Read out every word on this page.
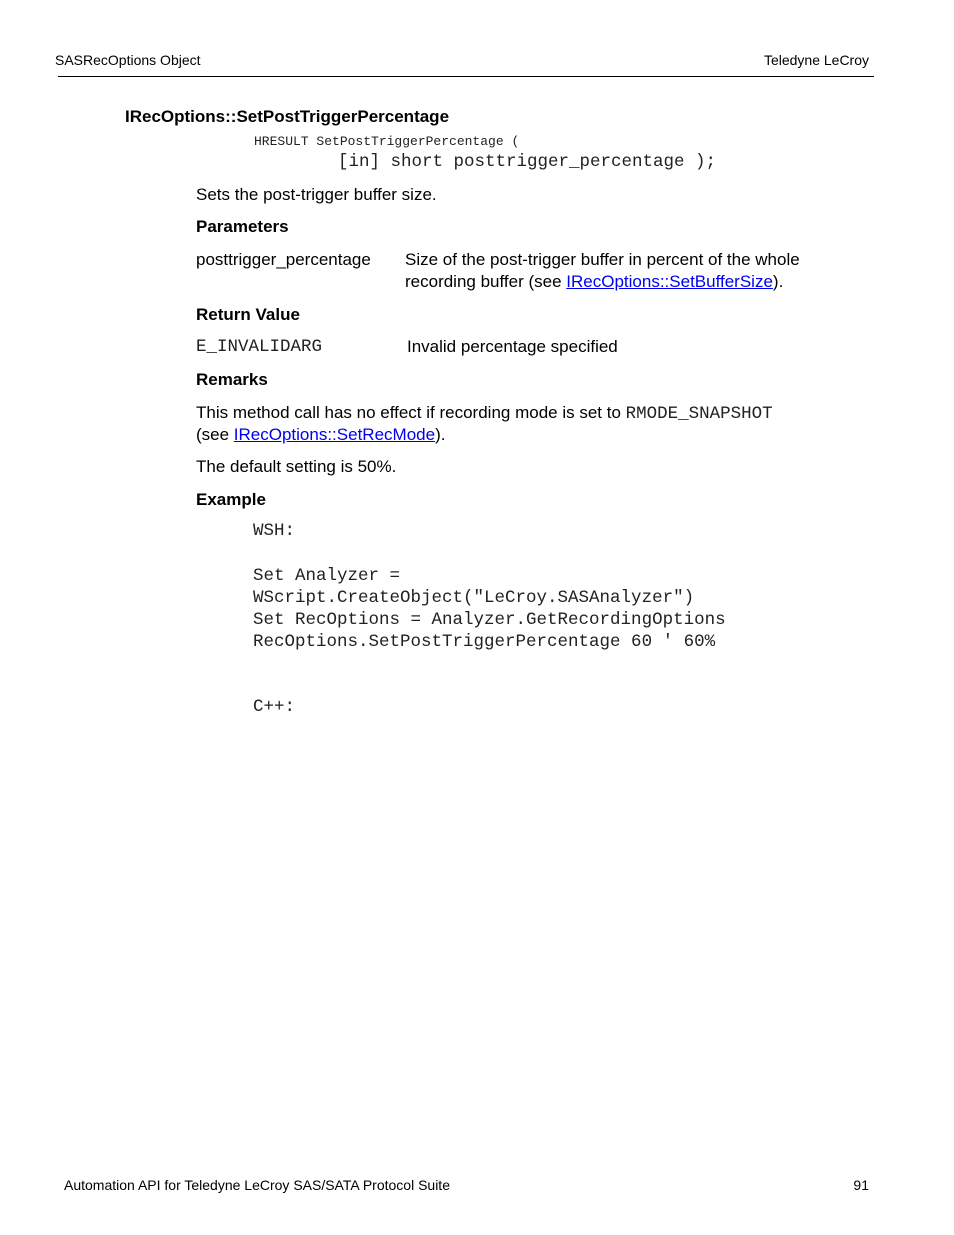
SASRecOptions Object	Teledyne LeCroy
IRecOptions::SetPostTriggerPercentage
HRESULT SetPostTriggerPercentage (
[in] short posttrigger_percentage );
Sets the post-trigger buffer size.
Parameters
posttrigger_percentage Size of the post-trigger buffer in percent of the whole
recording buffer (see IRecOptions::SetBufferSize).
Return Value
E_INVALIDARG	Invalid percentage specified
Remarks
This method call has no effect if recording mode is set to RMODE_SNAPSHOT
(see IRecOptions::SetRecMode).
The default setting is 50%.
Example
WSH:
Set Analyzer =
WScript.CreateObject("LeCroy.SASAnalyzer")
Set RecOptions = Analyzer.GetRecordingOptions
RecOptions.SetPostTriggerPercentage 60 ' 60%
C++:
Automation API for Teledyne LeCroy SAS/SATA Protocol Suite	91
